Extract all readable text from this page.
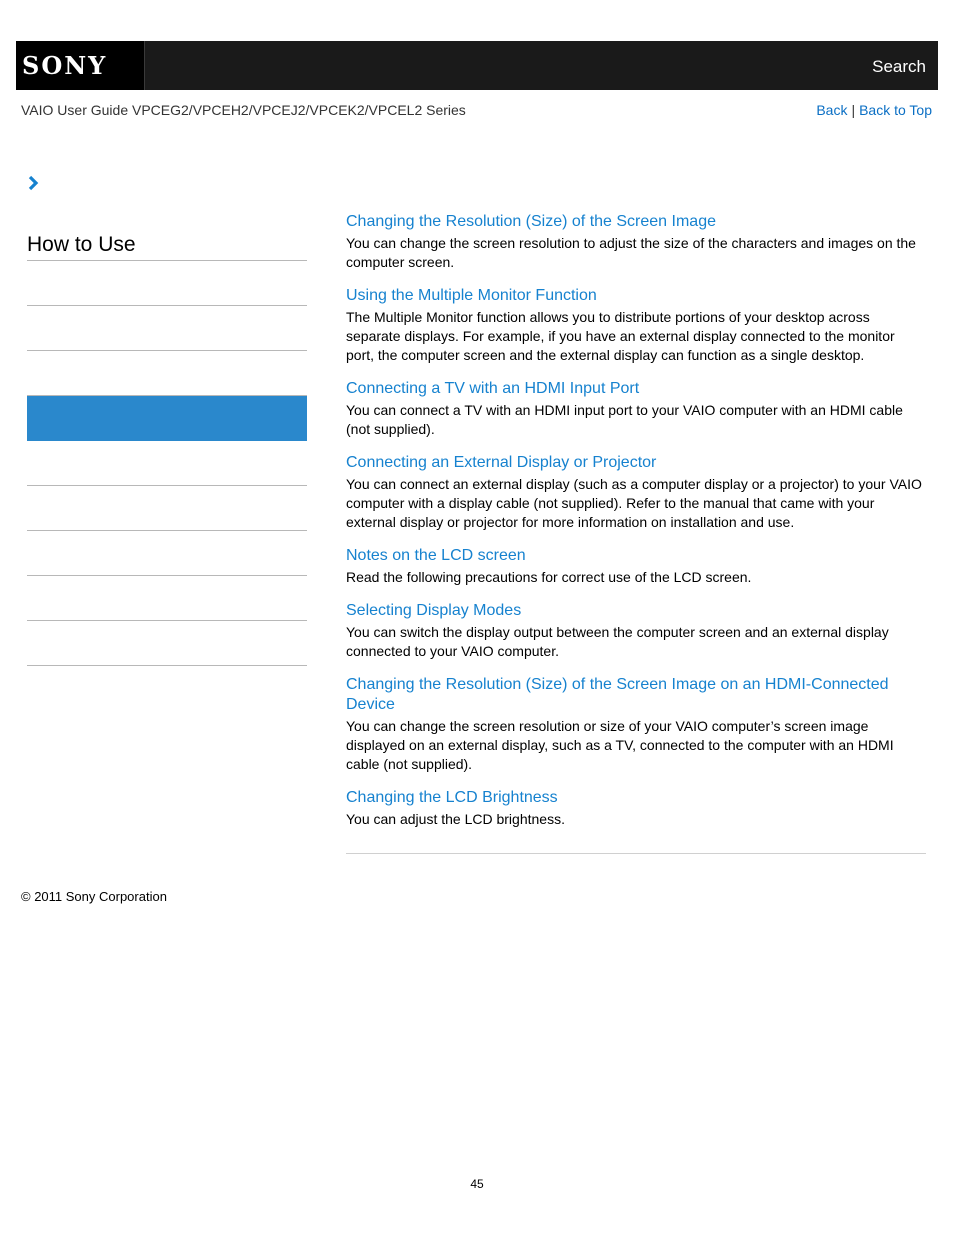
SONY	Search
VAIO User Guide VPCEG2/VPCEH2/VPCEJ2/VPCEK2/VPCEL2 Series	Back | Back to Top
How to Use
Changing the Resolution (Size) of the Screen Image
You can change the screen resolution to adjust the size of the characters and images on the computer screen.
Using the Multiple Monitor Function
The Multiple Monitor function allows you to distribute portions of your desktop across separate displays. For example, if you have an external display connected to the monitor port, the computer screen and the external display can function as a single desktop.
Connecting a TV with an HDMI Input Port
You can connect a TV with an HDMI input port to your VAIO computer with an HDMI cable (not supplied).
Connecting an External Display or Projector
You can connect an external display (such as a computer display or a projector) to your VAIO computer with a display cable (not supplied). Refer to the manual that came with your external display or projector for more information on installation and use.
Notes on the LCD screen
Read the following precautions for correct use of the LCD screen.
Selecting Display Modes
You can switch the display output between the computer screen and an external display connected to your VAIO computer.
Changing the Resolution (Size) of the Screen Image on an HDMI-Connected Device
You can change the screen resolution or size of your VAIO computer’s screen image displayed on an external display, such as a TV, connected to the computer with an HDMI cable (not supplied).
Changing the LCD Brightness
You can adjust the LCD brightness.
© 2011 Sony Corporation
45
